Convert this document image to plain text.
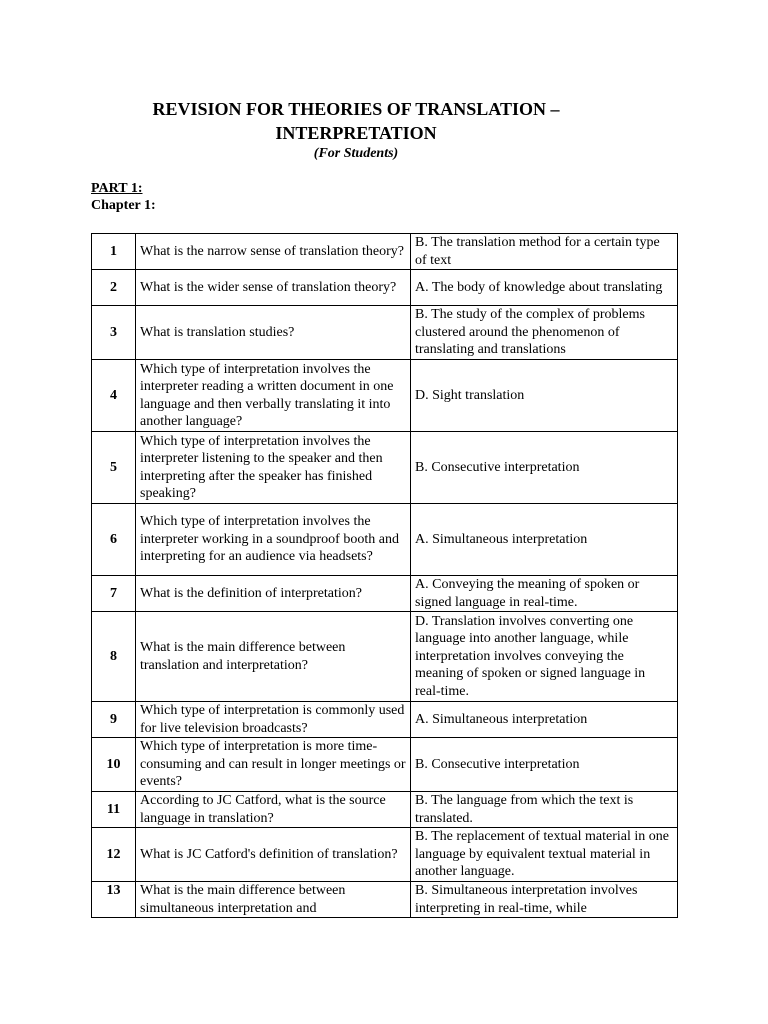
REVISION FOR THEORIES OF TRANSLATION –
INTERPRETATION
(For Students)
PART 1:
Chapter 1:
1	What is the narrow sense of translation theory?	B. The translation method for a certain type of text
2	What is the wider sense of translation theory?	A. The body of knowledge about translating
3	What is translation studies?	B. The study of the complex of problems clustered around the phenomenon of translating and translations
4	Which type of interpretation involves the interpreter reading a written document in one language and then verbally translating it into another language?	D. Sight translation
5	Which type of interpretation involves the interpreter listening to the speaker and then interpreting after the speaker has finished speaking?	B. Consecutive interpretation
6	Which type of interpretation involves the interpreter working in a soundproof booth and interpreting for an audience via headsets?	A. Simultaneous interpretation
7	What is the definition of interpretation?	A. Conveying the meaning of spoken or signed language in real-time.
8	What is the main difference between translation and interpretation?	D. Translation involves converting one language into another language, while interpretation involves conveying the meaning of spoken or signed language in real-time.
9	Which type of interpretation is commonly used for live television broadcasts?	A. Simultaneous interpretation
10	Which type of interpretation is more time-consuming and can result in longer meetings or events?	B. Consecutive interpretation
11	According to JC Catford, what is the source language in translation?	B. The language from which the text is translated.
12	What is JC Catford's definition of translation?	B. The replacement of textual material in one language by equivalent textual material in another language.
13	What is the main difference between simultaneous interpretation and	B. Simultaneous interpretation involves interpreting in real-time, while
